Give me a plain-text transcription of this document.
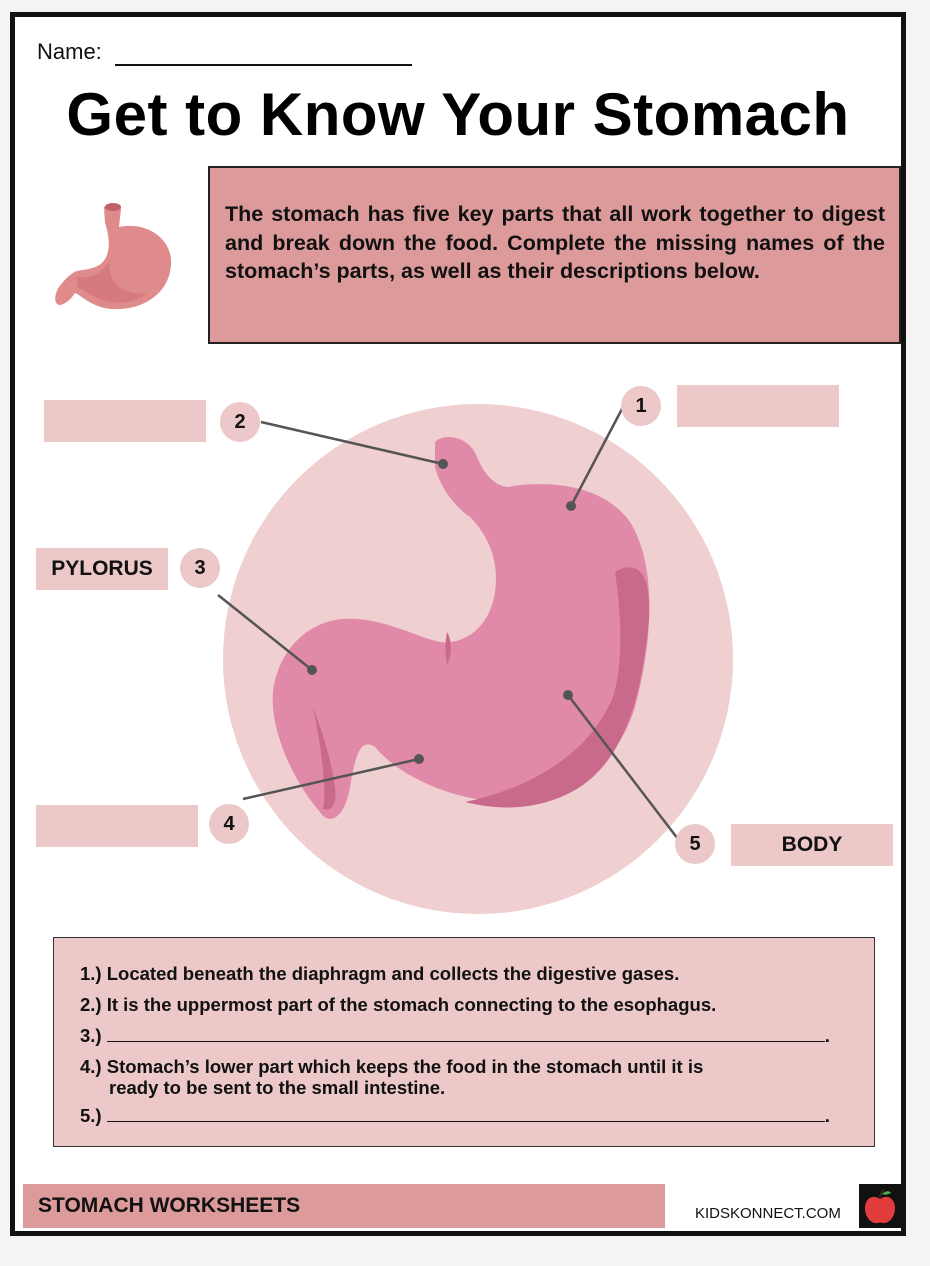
Name:
Get to Know Your Stomach
The stomach has five key parts that all work together to digest and break down the food. Complete the missing names of the stomach’s parts, as well as their descriptions below.
1
2
3
PYLORUS
4
5	BODY
1.) Located beneath the diaphragm and collects the digestive gases.
2.) It is the uppermost part of the stomach connecting to the esophagus.
3.)	.
4.) Stomach’s lower part which keeps the food in the stomach until it is
ready to be sent to the small intestine.
5.)	.
STOMACH WORKSHEETS	KIDSKONNECT.COM
